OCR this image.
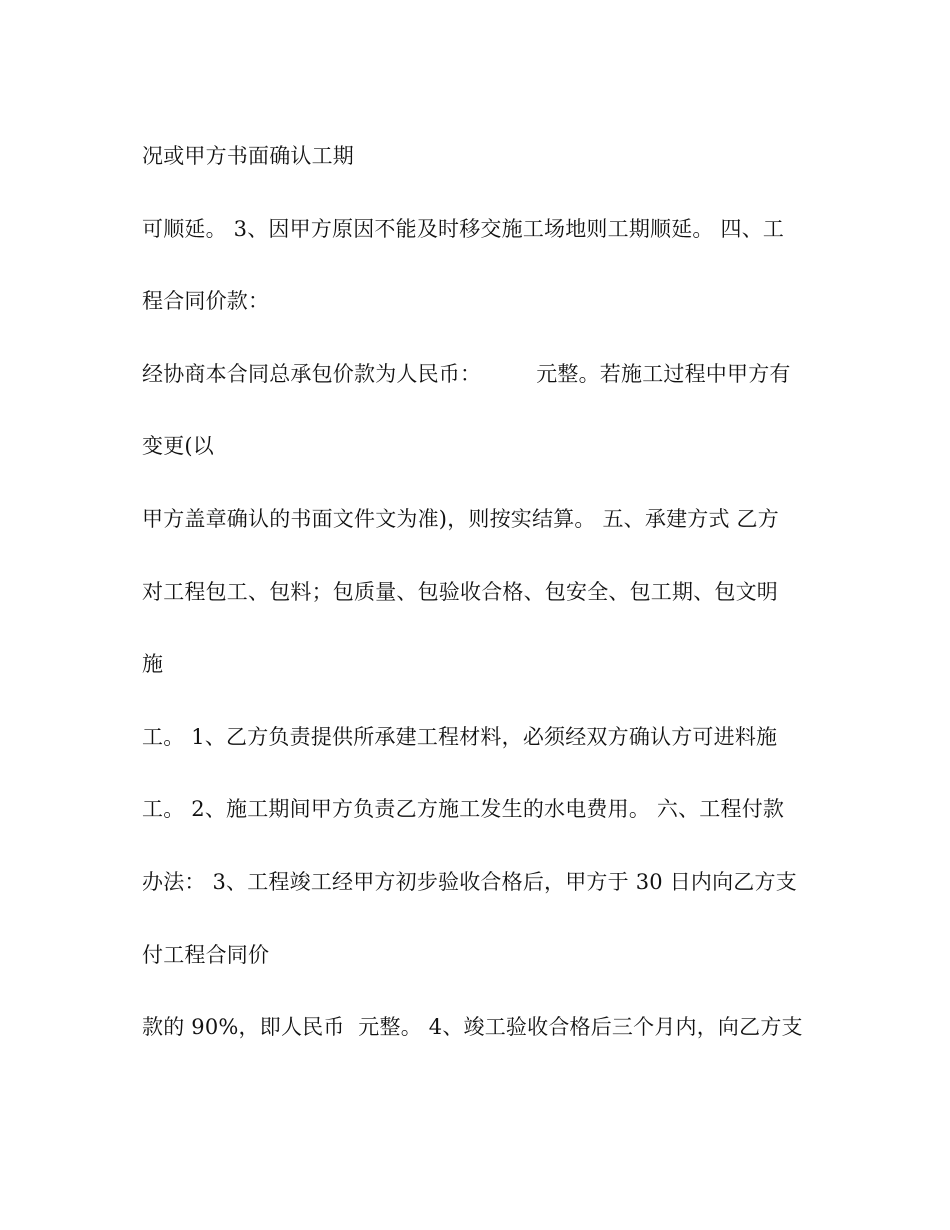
况或甲方书面确认工期
可顺延。 3、因甲方原因不能及时移交施工场地则工期顺延。 四、工
程合同价款：
经协商本合同总承包价款为人民币：        元整。若施工过程中甲方有
变更(以
甲方盖章确认的书面文件文为准)，则按实结算。 五、承建方式 乙方
对工程包工、包料；包质量、包验收合格、包安全、包工期、包文明
施
工。 1、乙方负责提供所承建工程材料，必须经双方确认方可进料施
工。 2、施工期间甲方负责乙方施工发生的水电费用。 六、工程付款
办法： 3、工程竣工经甲方初步验收合格后，甲方于 30 日内向乙方支
付工程合同价
款的 90%，即人民币  元整。 4、竣工验收合格后三个月内，向乙方支
